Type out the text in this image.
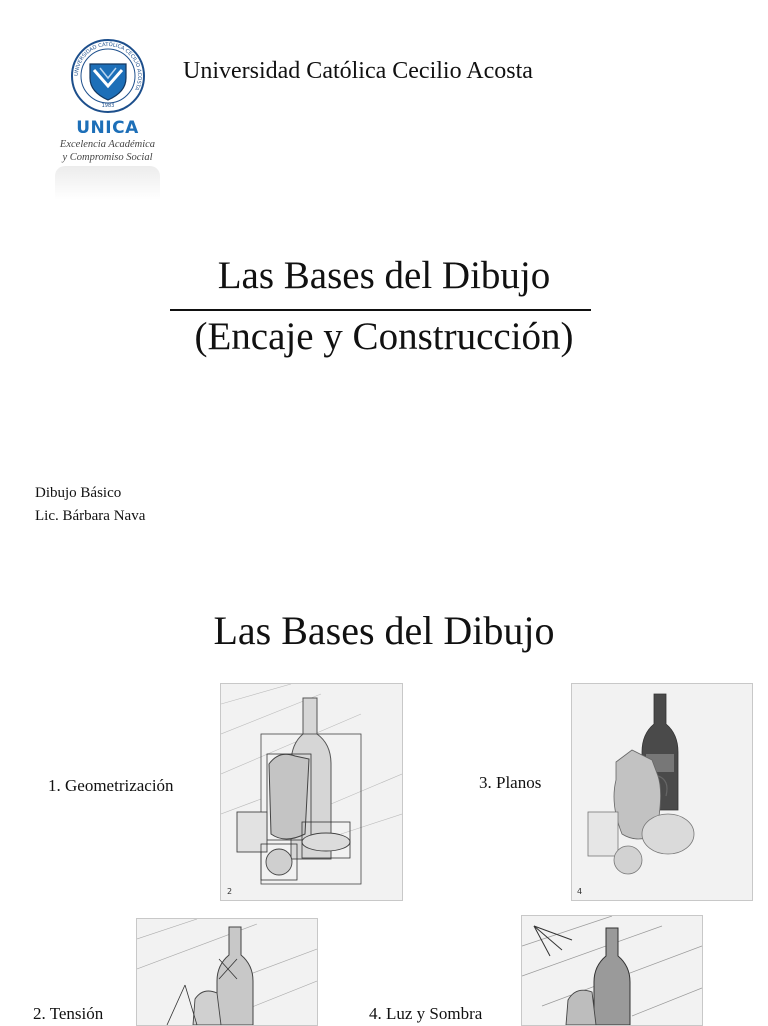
UNIVERSIDAD CATÓLICA CECILIO ACOSTA
1983
UNICA
Excelencia Académica
y Compromiso Social
Universidad Católica Cecilio Acosta
Las Bases del Dibujo
(Encaje y Construcción)
Dibujo Básico
Lic. Bárbara Nava
Las Bases del Dibujo
1. Geometrización	3. Planos
2. Tensión	4. Luz y Sombra
2	4
